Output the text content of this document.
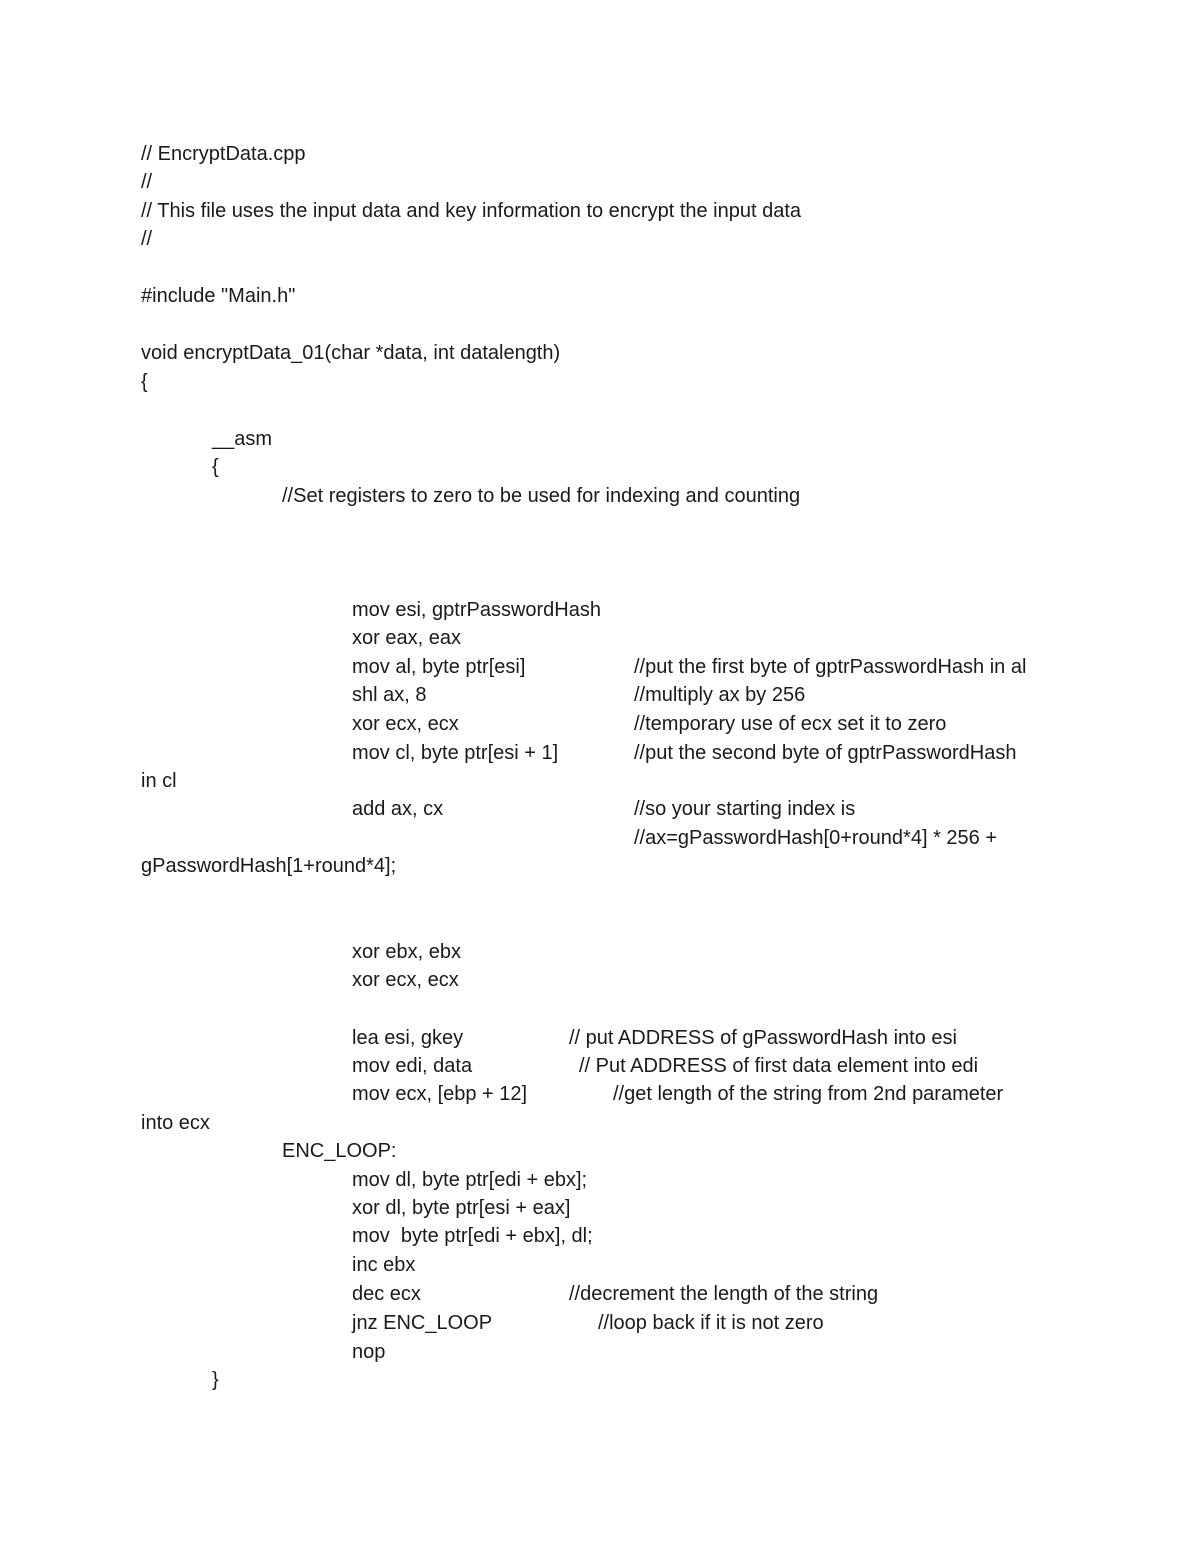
// EncryptData.cpp
//
// This file uses the input data and key information to encrypt the input data
//
#include "Main.h"
void encryptData_01(char *data, int datalength)
{
__asm
{
//Set registers to zero to be used for indexing and counting
mov esi, gptrPasswordHash
xor eax, eax
mov al, byte ptr[esi]	//put the first byte of gptrPasswordHash in al
shl ax, 8	//multiply ax by 256
xor ecx, ecx	//temporary use of ecx set it to zero
mov cl, byte ptr[esi + 1]	//put the second byte of gptrPasswordHash
in cl
add ax, cx	//so your starting index is
//ax=gPasswordHash[0+round*4] * 256 +
gPasswordHash[1+round*4];
xor ebx, ebx
xor ecx, ecx
lea esi, gkey	// put ADDRESS of gPasswordHash into esi
mov edi, data	// Put ADDRESS of first data element into edi
mov ecx, [ebp + 12]	//get length of the string from 2nd parameter
into ecx
ENC_LOOP:
mov dl, byte ptr[edi + ebx];
xor dl, byte ptr[esi + eax]
mov  byte ptr[edi + ebx], dl;
inc ebx
dec ecx	//decrement the length of the string
jnz ENC_LOOP	//loop back if it is not zero
nop
}
